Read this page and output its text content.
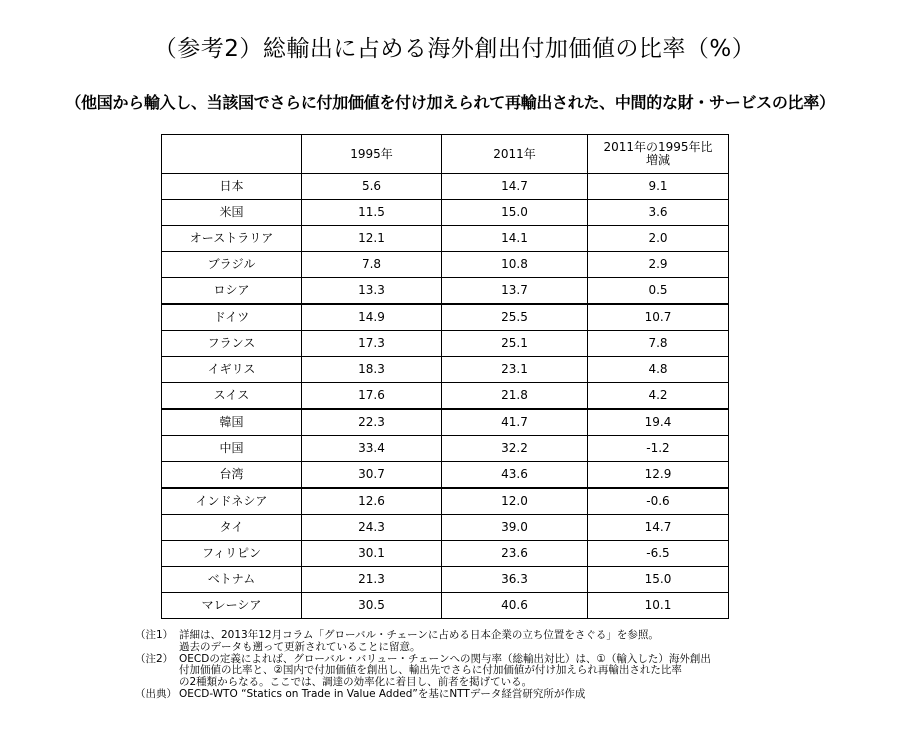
（参考2）総輸出に占める海外創出付加価値の比率（%）
（他国から輸入し、当該国でさらに付加価値を付け加えられて再輸出された、中間的な財・サービスの比率）
	1995年	2011年	2011年の1995年比
増減
日本	5.6	14.7	9.1
米国	11.5	15.0	3.6
オーストラリア	12.1	14.1	2.0
ブラジル	7.8	10.8	2.9
ロシア	13.3	13.7	0.5
ドイツ	14.9	25.5	10.7
フランス	17.3	25.1	7.8
イギリス	18.3	23.1	4.8
スイス	17.6	21.8	4.2
韓国	22.3	41.7	19.4
中国	33.4	32.2	-1.2
台湾	30.7	43.6	12.9
インドネシア	12.6	12.0	-0.6
タイ	24.3	39.0	14.7
フィリピン	30.1	23.6	-6.5
ベトナム	21.3	36.3	15.0
マレーシア	30.5	40.6	10.1
（注1） 詳細は、2013年12月コラム「グローバル・チェーンに占める日本企業の立ち位置をさぐる」を参照。
過去のデータも遡って更新されていることに留意。
（注2） OECDの定義によれば、グローバル・バリュー・チェーンへの関与率（総輸出対比）は、①（輸入した）海外創出
付加価値の比率と、②国内で付加価値を創出し、輸出先でさらに付加価値が付け加えられ再輸出された比率
の2種類からなる。ここでは、調達の効率化に着目し、前者を掲げている。
（出典） OECD-WTO “Statics on Trade in Value Added”を基にNTTデータ経営研究所が作成
